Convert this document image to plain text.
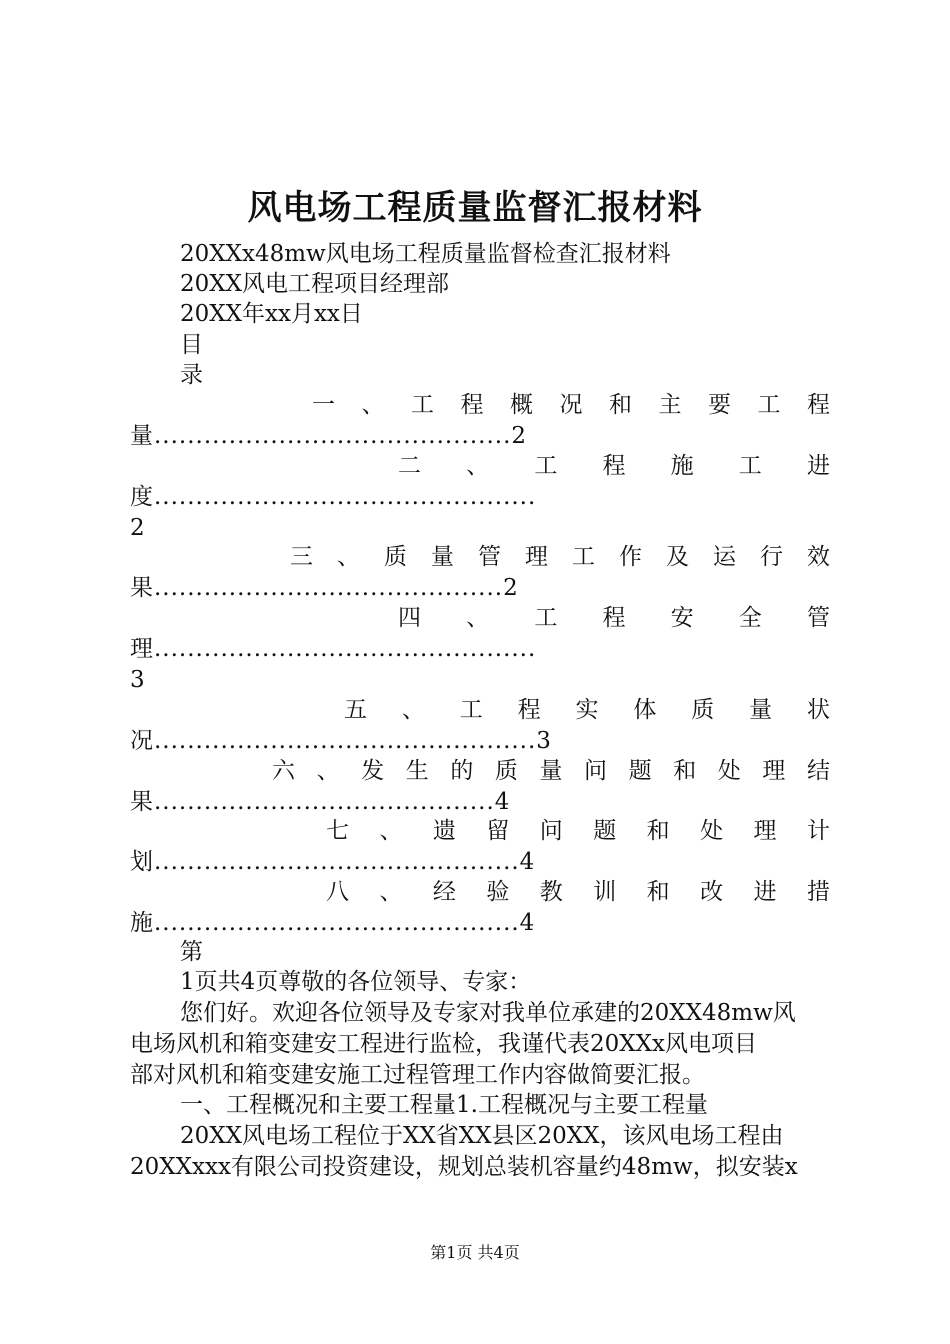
风电场工程质量监督汇报材料
20XXx48mw风电场工程质量监督检查汇报材料
20XX风电工程项目经理部
20XX年xx月xx日
目
录
一 、 工 程 概 况 和 主 要 工 程
量...........................................2
二 、 工 程 施 工 进
度..............................................
2
三 、 质 量 管 理 工 作 及 运 行 效
果..........................................2
四 、 工 程 安 全 管
理..............................................
3
五 、 工 程 实 体 质 量 状
况..............................................3
六 、 发 生 的 质 量 问 题 和 处 理 结
果.........................................4
七 、 遗 留 问 题 和 处 理 计
划............................................4
八 、 经 验 教 训 和 改 进 措
施............................................4
第
1页共4页尊敬的各位领导、专家：
您们好。欢迎各位领导及专家对我单位承建的20XX48mw风
电场风机和箱变建安工程进行监检，我谨代表20XXx风电项目
部对风机和箱变建安施工过程管理工作内容做简要汇报。
一、工程概况和主要工程量1.工程概况与主要工程量
20XX风电场工程位于XX省XX县区20XX，该风电场工程由
20XXxxx有限公司投资建设，规划总装机容量约48mw，拟安装x
第1页 共4页
